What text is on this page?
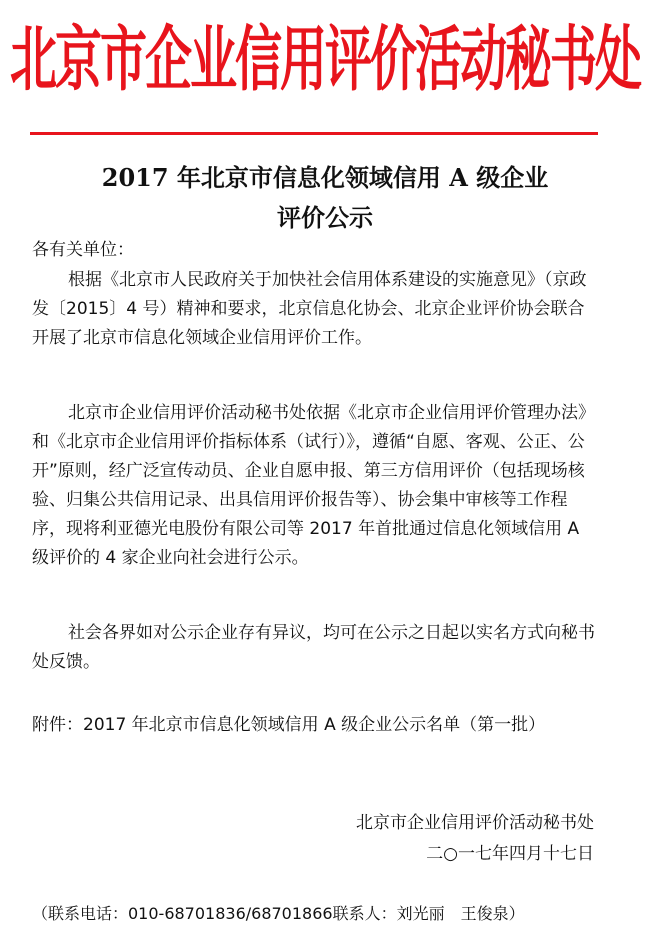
北京市企业信用评价活动秘书处
2017 年北京市信息化领域信用 A 级企业
评价公示
各有关单位：
根据《北京市人民政府关于加快社会信用体系建设的实施意见》（京政发〔2015〕4 号）精神和要求，北京信息化协会、北京企业评价协会联合开展了北京市信息化领域企业信用评价工作。
北京市企业信用评价活动秘书处依据《北京市企业信用评价管理办法》和《北京市企业信用评价指标体系（试行）》，遵循“自愿、客观、公正、公开”原则，经广泛宣传动员、企业自愿申报、第三方信用评价（包括现场核验、归集公共信用记录、出具信用评价报告等）、协会集中审核等工作程序，现将利亚德光电股份有限公司等 2017 年首批通过信息化领域信用 A 级评价的 4 家企业向社会进行公示。
社会各界如对公示企业存有异议，均可在公示之日起以实名方式向秘书处反馈。
附件：2017 年北京市信息化领域信用 A 级企业公示名单（第一批）
北京市企业信用评价活动秘书处
二○一七年四月十七日
（联系电话：010-68701836/68701866联系人：刘光丽　王俊泉）
